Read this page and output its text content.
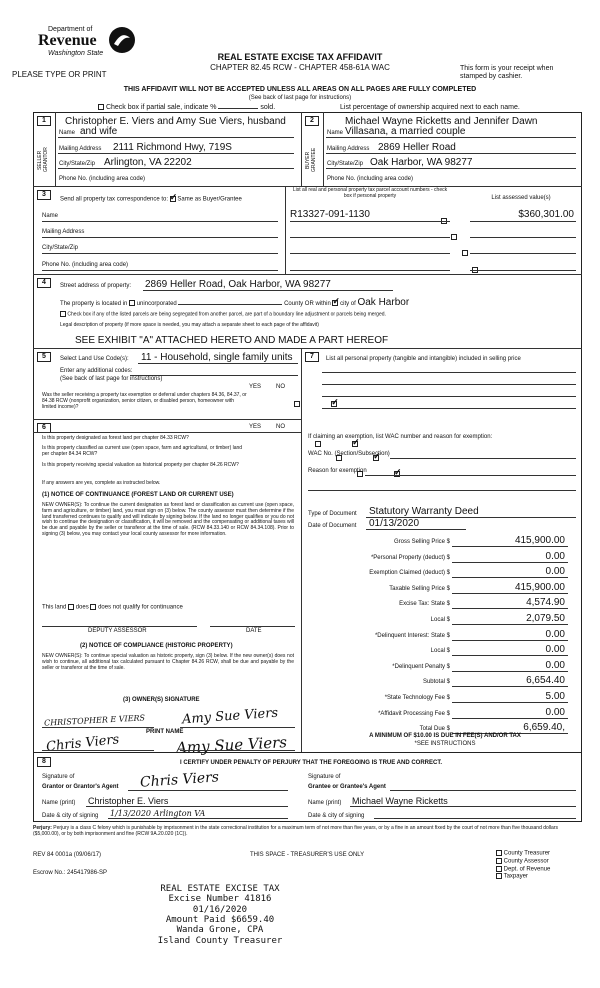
Department of
Revenue
Washington State
PLEASE TYPE OR PRINT
REAL ESTATE EXCISE TAX AFFIDAVIT
CHAPTER 82.45 RCW - CHAPTER 458-61A WAC	This form is your receipt when stamped by cashier.
THIS AFFIDAVIT WILL NOT BE ACCEPTED UNLESS ALL AREAS ON ALL PAGES ARE FULLY COMPLETED
(See back of last page for instructions)
Check box if partial sale, indicate %	sold.	List percentage of ownership acquired next to each name.
1
SELLER GRANTOR
Christopher E. Viers and Amy Sue Viers, husband
Name and wife
Mailing Address 2111 Richmond Hwy, 719S
City/State/Zip Arlington, VA 22202
Phone No. (including area code)
2
BUYER GRANTEE
Michael Wayne Ricketts and Jennifer Dawn
Name Villasana, a married couple
Mailing Address 2869 Heller Road
City/State/Zip Oak Harbor, WA 98277
Phone No. (including area code)
3
Send all property tax correspondence to: ✓ Same as Buyer/Grantee
List all real and personal property tax parcel account numbers - check box if personal property	List assessed value(s)
Name
Mailing Address
City/State/Zip
Phone No. (including area code)
R13327-091-1130
	$360,301.00

4	Street address of property: 2869 Heller Road, Oak Harbor, WA 98277
The property is located in unincorporated	County OR within ✓ city of Oak Harbor
Check box if any of the listed parcels are being segregated from another parcel, are part of a boundary line adjustment or parcels being merged.
Legal description of property (if more space is needed, you may attach a separate sheet to each page of the affidavit)
SEE EXHIBIT "A" ATTACHED HERETO AND MADE A PART HEREOF
5	Select Land Use Code(s): 11 - Household, single family units
Enter any additional codes:
(See back of last page for instructions)
YES NO
Was the seller receiving a property tax exemption or deferral under chapters 84.36, 84.37, or 84.38 RCW (nonprofit organization, senior citizen, or disabled person, homeowner with limited income)?
✓
7	List all personal property (tangible and intangible) included in selling price
6	YES NO
Is this property designated as forest land per chapter 84.33 RCW?
✓
Is this property classified as current use (open space, farm and agricultural, or timber) land per chapter 84.34 RCW?
✓
Is this property receiving special valuation as historical property per chapter 84.26 RCW?
✓
If any answers are yes, complete as instructed below.
(1) NOTICE OF CONTINUANCE (FOREST LAND OR CURRENT USE)
NEW OWNER(S): To continue the current designation as forest land or classification as current use (open space, farm and agriculture, or timber) land, you must sign on (3) below. The county assessor must then determine if the land transferred continues to qualify and will indicate by signing below. If the land no longer qualifies or you do not wish to continue the designation or classification, it will be removed and the compensating or additional taxes will be due and payable by the seller or transferor at the time of sale. (RCW 84.33.140 or RCW 84.34.108). Prior to signing (3) below, you may contact your local county assessor for more information.
This land does does not qualify for continuance
DEPUTY ASSESSOR	DATE
(2) NOTICE OF COMPLIANCE (HISTORIC PROPERTY)
NEW OWNER(S): To continue special valuation as historic property, sign (3) below. If the new owner(s) does not wish to continue, all additional tax calculated pursuant to Chapter 84.26 RCW, shall be due and payable by the seller or transferor at the time of sale.
(3) OWNER(S) SIGNATURE
CHRISTOPHER E VIERS	Amy Sue Viers
PRINT NAME
Chris Viers	Amy Sue Viers
If claiming an exemption, list WAC number and reason for exemption:
WAC No. (Section/Subsection)
Reason for exemption
Type of Document Statutory Warranty Deed
Date of Document 01/13/2020
Gross Selling Price $	415,900.00
*Personal Property (deduct) $	0.00
Exemption Claimed (deduct) $	0.00
Taxable Selling Price $	415,900.00
Excise Tax: State $	4,574.90
Local $	2,079.50
*Delinquent Interest: State $	0.00
Local $	0.00
*Delinquent Penalty $	0.00
Subtotal $	6,654.40
*State Technology Fee $	5.00
*Affidavit Processing Fee $	0.00
Total Due $	6,659.40,
A MINIMUM OF $10.00 IS DUE IN FEE(S) AND/OR TAX
*SEE INSTRUCTIONS
8	I CERTIFY UNDER PENALTY OF PERJURY THAT THE FOREGOING IS TRUE AND CORRECT.
Signature of
Grantor or Grantor's Agent Chris Viers
Name (print) Christopher E. Viers
Date & city of signing 1/13/2020 Arlington VA
Signature of
Grantee or Grantee's Agent
Name (print) Michael Wayne Ricketts
Date & city of signing
Perjury: Perjury is a class C felony which is punishable by imprisonment in the state correctional institution for a maximum term of not more than five years, or by a fine in an amount fixed by the court of not more than five thousand dollars ($5,000.00), or by both imprisonment and fine (RCW 9A.20.020 (1C)).
REV 84 0001a (09/06/17)	THIS SPACE - TREASURER'S USE ONLY
Escrow No.: 245417986-SP
County Treasurer
County Assessor
Dept. of Revenue
Taxpayer
REAL ESTATE EXCISE TAX
Excise Number 41816
01/16/2020
Amount Paid $6659.40
Wanda Grone, CPA
Island County Treasurer
